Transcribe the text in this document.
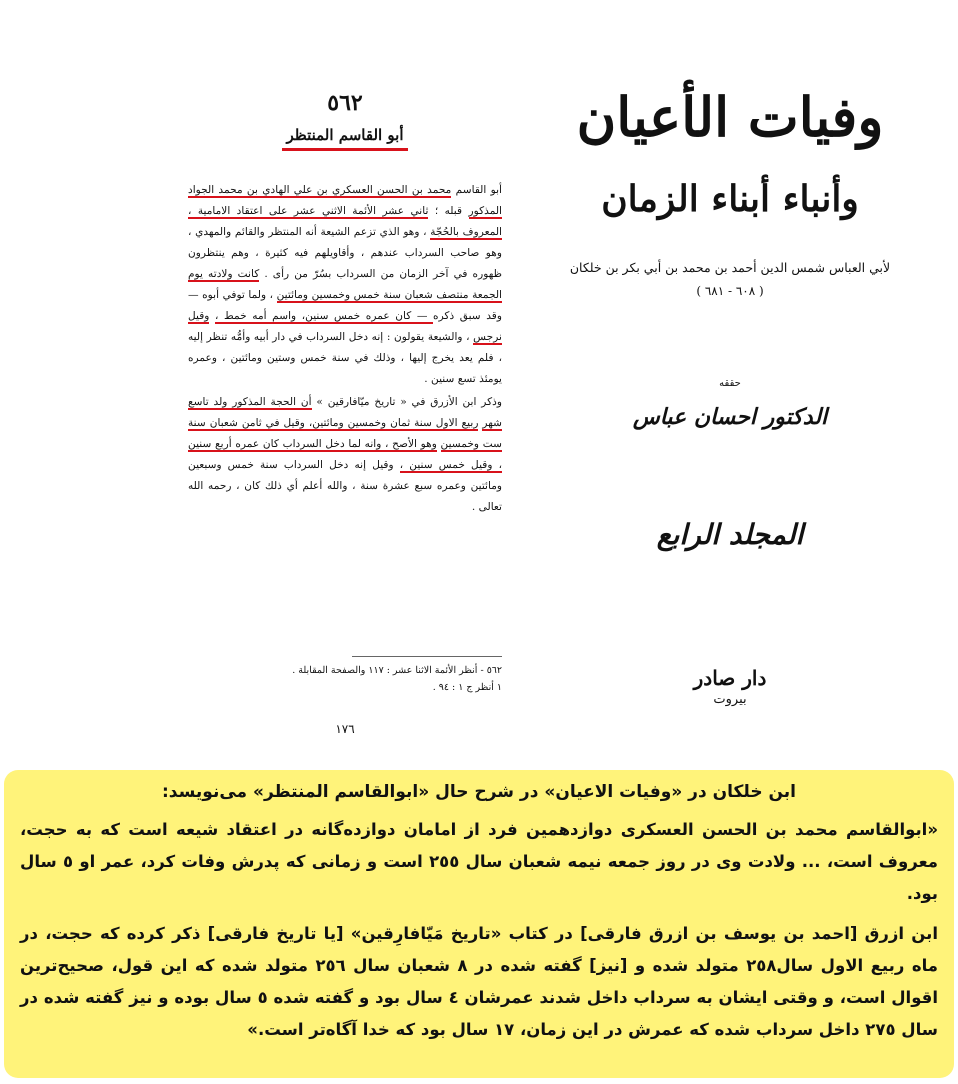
٥٦٢
أبو القاسم المنتظر

أبو القاسم محمد بن الحسن العسكري بن علي الهادي بن محمد الجواد المذكور قبله ؛ ثاني عشر الأئمة الاثني عشر على اعتقاد الامامية ، المعروف بالحُجّة ، وهو الذي تزعم الشيعة أنه المنتظر والقائم والمهدي ، وهو صاحب السرداب عندهم ، وأقاويلهم فيه كثيرة ، وهم ينتظرون ظهوره في آخر الزمان من السرداب بسُرّ من رأى . كانت ولادته يوم الجمعة منتصف شعبان سنة خمس وخمسين ومائتين ، ولما توفي أبوه — وقد سبق ذكره — كان عمره خمس سنين، واسم أمه خمط ، وقيل نرجس ، والشيعة يقولون : إنه دخل السرداب في دار أبيه وأمُّه تنظر إليه ، فلم يعد يخرج إليها ، وذلك في سنة خمس وستين ومائتين ، وعمره يومئذ تسع سنين .

وذكر ابن الأزرق في « تاريخ ميّافارقين » أن الحجة المذكور ولد تاسع شهر ربيع الاول سنة ثمان وخمسين ومائتين، وقيل في ثامن شعبان سنة ست وخمسين وهو الأصح ، وانه لما دخل السرداب كان عمره أربع سنين ، وقيل خمس سنين ، وقيل إنه دخل السرداب سنة خمس وسبعين ومائتين وعمره سبع عشرة سنة ، والله أعلم أي ذلك كان ، رحمه الله تعالى .

٥٦٢ - أنظر الأئمة الاثنا عشر : ١١٧ والصفحة المقابلة .
١ أنظر ج ١ : ٩٤ .
١٧٦
وفيات الأعيان
وأنباء أبناء الزمان
لأبي العباس شمس الدين أحمد بن محمد بن أبي بكر بن خلكان
( ٦٠٨ - ٦٨١ )
حققه
الدكتور احسان عباس
المجلد الرابع
دار صادر
بيروت
ابن خلکان در «وفیات الاعیان» در شرح حال «ابوالقاسم المنتظر» می‌نویسد:
«ابوالقاسم محمد بن الحسن العسکری دوازدهمین فرد از امامان دوازده‌گانه در اعتقاد شیعه است که به حجت، معروف است، ... ولادت وی در روز جمعه نیمه شعبان سال ٢٥٥ است و زمانی که پدرش وفات کرد، عمر او ٥ سال بود.
ابن ازرق [احمد بن یوسف بن ازرق فارقی] در کتاب «تاریخ مَیّافارِقین» [یا تاریخ فارقی] ذکر کرده که حجت، در ماه ربیع الاول سال٢٥٨ متولد شده و [نیز] گفته شده در ٨ شعبان سال ٢٥٦ متولد شده که این قول، صحیح‌ترین اقوال است، و وقتی ایشان به سرداب داخل شدند عمرشان ٤ سال بود و گفته شده ٥ سال بوده و نیز گفته شده در سال ٢٧٥ داخل سرداب شده که عمرش در این زمان، ١٧ سال بود که خدا آگاه‌تر است.»
